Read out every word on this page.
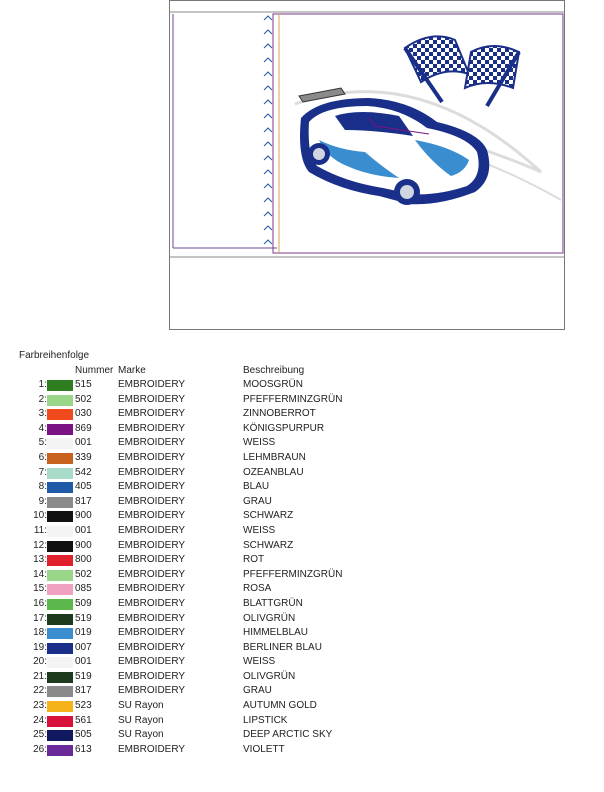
Farbreihenfolge
Nummer Marke	Beschreibung
1:	515	EMBROIDERY	MOOSGRÜN
2:	502	EMBROIDERY	PFEFFERMINZGRÜN
3:	030	EMBROIDERY	ZINNOBERROT
4:	869	EMBROIDERY	KÖNIGSPURPUR
5:	001	EMBROIDERY	WEISS
6:	339	EMBROIDERY	LEHMBRAUN
7:	542	EMBROIDERY	OZEANBLAU
8:	405	EMBROIDERY	BLAU
9:	817	EMBROIDERY	GRAU
10:	900	EMBROIDERY	SCHWARZ
11:	001	EMBROIDERY	WEISS
12:	900	EMBROIDERY	SCHWARZ
13:	800	EMBROIDERY	ROT
14:	502	EMBROIDERY	PFEFFERMINZGRÜN
15:	085	EMBROIDERY	ROSA
16:	509	EMBROIDERY	BLATTGRÜN
17:	519	EMBROIDERY	OLIVGRÜN
18:	019	EMBROIDERY	HIMMELBLAU
19:	007	EMBROIDERY	BERLINER BLAU
20:	001	EMBROIDERY	WEISS
21:	519	EMBROIDERY	OLIVGRÜN
22:	817	EMBROIDERY	GRAU
23:	523	SU Rayon	AUTUMN GOLD
24:	561	SU Rayon	LIPSTICK
25:	505	SU Rayon	DEEP ARCTIC SKY
26:	613	EMBROIDERY	VIOLETT
